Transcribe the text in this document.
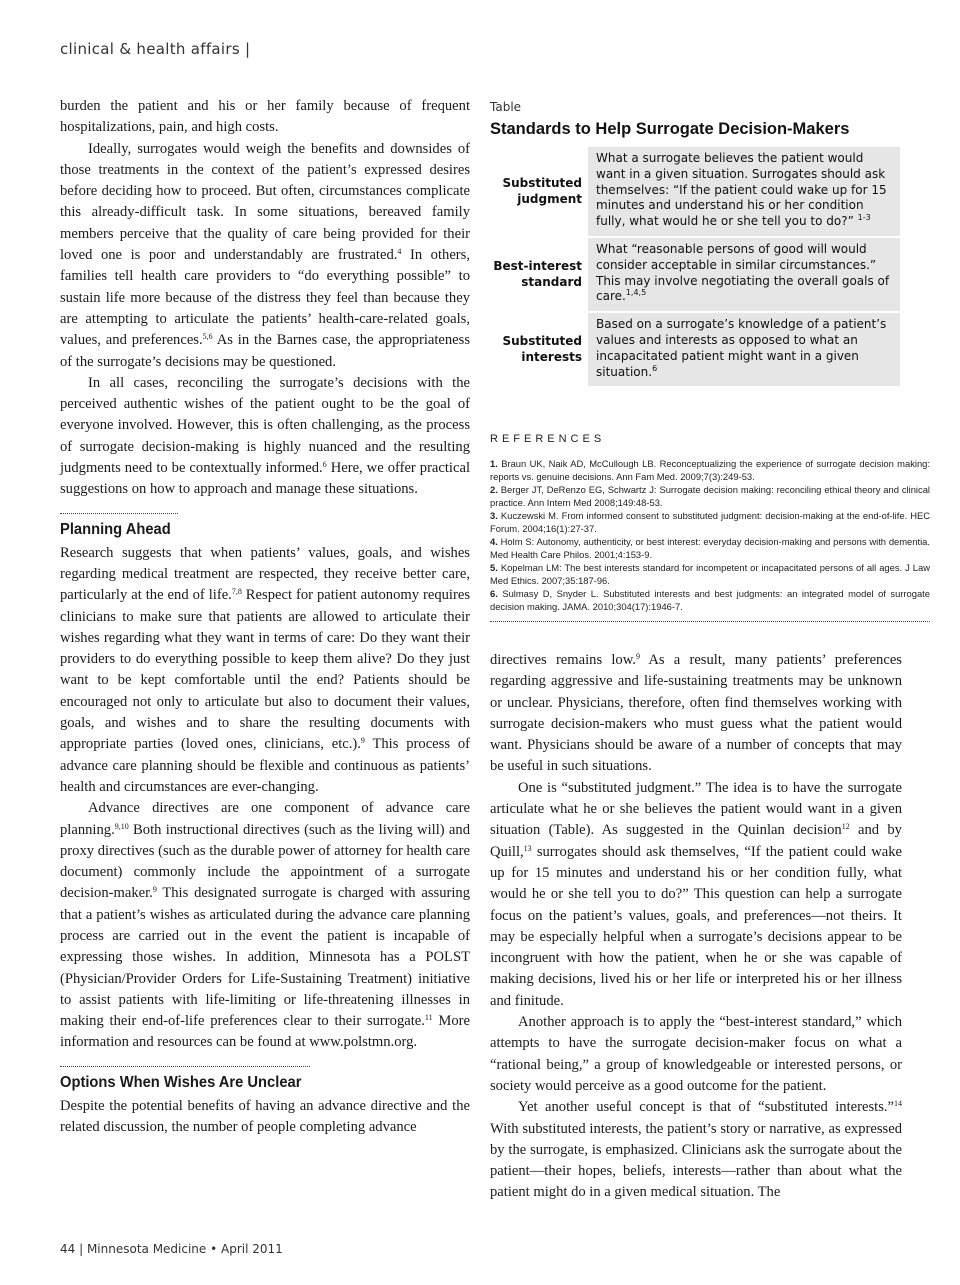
clinical & health affairs |

burden the patient and his or her family because of frequent hospitalizations, pain, and high costs.

Ideally, surrogates would weigh the benefits and downsides of those treatments in the context of the patient’s expressed desires before deciding how to proceed. But often, circumstances complicate this already-difficult task. In some situations, bereaved family members perceive that the quality of care being provided for their loved one is poor and understandably are frustrated.$^4$ In others, families tell health care providers to “do everything possible” to sustain life more because of the distress they feel than because they are attempting to articulate the patients’ health-care-related goals, values, and preferences.$^{5,6}$ As in the Barnes case, the appropriateness of the surrogate’s decisions may be questioned.

In all cases, reconciling the surrogate’s decisions with the perceived authentic wishes of the patient ought to be the goal of everyone involved. However, this is often challenging, as the process of surrogate decision-making is highly nuanced and the resulting judgments need to be contextually informed.$^6$ Here, we offer practical suggestions on how to approach and manage these situations.

Planning Ahead

Research suggests that when patients’ values, goals, and wishes regarding medical treatment are respected, they receive better care, particularly at the end of life.$^{7,8}$ Respect for patient autonomy requires clinicians to make sure that patients are allowed to articulate their wishes regarding what they want in terms of care: Do they want their providers to do everything possible to keep them alive? Do they just want to be kept comfortable until the end? Patients should be encouraged not only to articulate but also to document their values, goals, and wishes and to share the resulting documents with appropriate parties (loved ones, clinicians, etc.).$^9$ This process of advance care planning should be flexible and continuous as patients’ health and circumstances are ever-changing.

Advance directives are one component of advance care planning.$^{9,10}$ Both instructional directives (such as the living will) and proxy directives (such as the durable power of attorney for health care document) commonly include the appointment of a surrogate decision-maker.$^9$ This designated surrogate is charged with assuring that a patient’s wishes as articulated during the advance care planning process are carried out in the event the patient is incapable of expressing those wishes. In addition, Minnesota has a POLST (Physician/Provider Orders for Life-Sustaining Treatment) initiative to assist patients with life-limiting or life-threatening illnesses in making their end-of-life preferences clear to their surrogate.$^{11}$ More information and resources can be found at www.polstmn.org.

Options When Wishes Are Unclear

Despite the potential benefits of having an advance directive and the related discussion, the number of people completing advance

Table
Standards to Help Surrogate Decision-Makers
Substituted judgment	What a surrogate believes the patient would want in a given situation. Surrogates should ask themselves: “If the patient could wake up for 15 minutes and understand his or her condition fully, what would he or she tell you to do?” $^{1-3}$
Best-interest standard	What “reasonable persons of good will would consider acceptable in similar circumstances.” This may involve negotiating the overall goals of care.$^{1,4,5}$
Substituted interests	Based on a surrogate’s knowledge of a patient’s values and interests as opposed to what an incapacitated patient might want in a given situation.$^6$
REFERENCES
1. Braun UK, Naik AD, McCullough LB. Reconceptualizing the experience of surrogate decision making: reports vs. genuine decisions. Ann Fam Med. 2009;7(3):249-53.
2. Berger JT, DeRenzo EG, Schwartz J: Surrogate decision making: reconciling ethical theory and clinical practice. Ann Intern Med 2008;149:48-53.
3. Kuczewski M. From informed consent to substituted judgment: decision-making at the end-of-life. HEC Forum. 2004;16(1):27-37.
4. Holm S: Autonomy, authenticity, or best interest: everyday decision-making and persons with dementia. Med Health Care Philos. 2001;4:153-9.
5. Kopelman LM: The best interests standard for incompetent or incapacitated persons of all ages. J Law Med Ethics. 2007;35:187-96.
6. Sulmasy D, Snyder L. Substituted interests and best judgments: an integrated model of surrogate decision making. JAMA. 2010;304(17):1946-7.

directives remains low.$^9$ As a result, many patients’ preferences regarding aggressive and life-sustaining treatments may be unknown or unclear. Physicians, therefore, often find themselves working with surrogate decision-makers who must guess what the patient would want. Physicians should be aware of a number of concepts that may be useful in such situations.

One is “substituted judgment.” The idea is to have the surrogate articulate what he or she believes the patient would want in a given situation (Table). As suggested in the Quinlan decision$^{12}$ and by Quill,$^{13}$ surrogates should ask themselves, “If the patient could wake up for 15 minutes and understand his or her condition fully, what would he or she tell you to do?” This question can help a surrogate focus on the patient’s values, goals, and preferences—not theirs. It may be especially helpful when a surrogate’s decisions appear to be incongruent with how the patient, when he or she was capable of making decisions, lived his or her life or interpreted his or her illness and finitude.

Another approach is to apply the “best-interest standard,” which attempts to have the surrogate decision-maker focus on what a “rational being,” a group of knowledgeable or interested persons, or society would perceive as a good outcome for the patient.

Yet another useful concept is that of “substituted interests.”$^{14}$ With substituted interests, the patient’s story or narrative, as expressed by the surrogate, is emphasized. Clinicians ask the surrogate about the patient—their hopes, beliefs, interests—rather than about what the patient might do in a given medical situation. The

44 | Minnesota Medicine • April 2011
